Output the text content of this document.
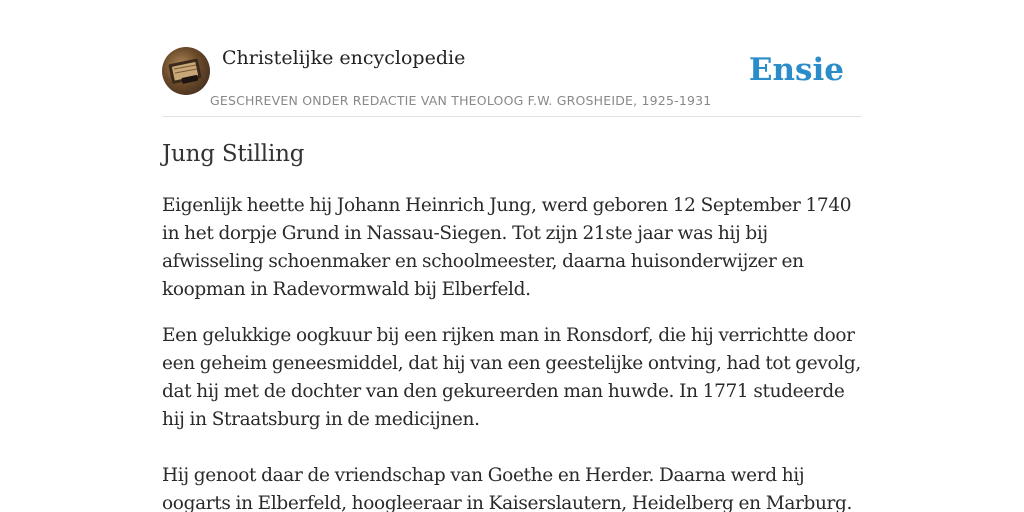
Christelijke encyclopedie
GESCHREVEN ONDER REDACTIE VAN THEOLOOG F.W. GROSHEIDE, 1925-1931
Ensie
Jung Stilling

Eigenlijk heette hij Johann Heinrich Jung, werd geboren 12 September 1740 in het dorpje Grund in Nassau-Siegen. Tot zijn 21ste jaar was hij bij afwisseling schoenmaker en schoolmeester, daarna huisonderwijzer en koopman in Radevormwald bij Elberfeld.

Een gelukkige oogkuur bij een rijken man in Ronsdorf, die hij verrichtte door een geheim geneesmiddel, dat hij van een geestelijke ontving, had tot gevolg, dat hij met de dochter van den gekureerden man huwde. In 1771 studeerde hij in Straatsburg in de medicijnen.

Hij genoot daar de vriendschap van Goethe en Herder. Daarna werd hij oogarts in Elberfeld, hoogleeraar in Kaiserslautern, Heidelberg en Marburg.
